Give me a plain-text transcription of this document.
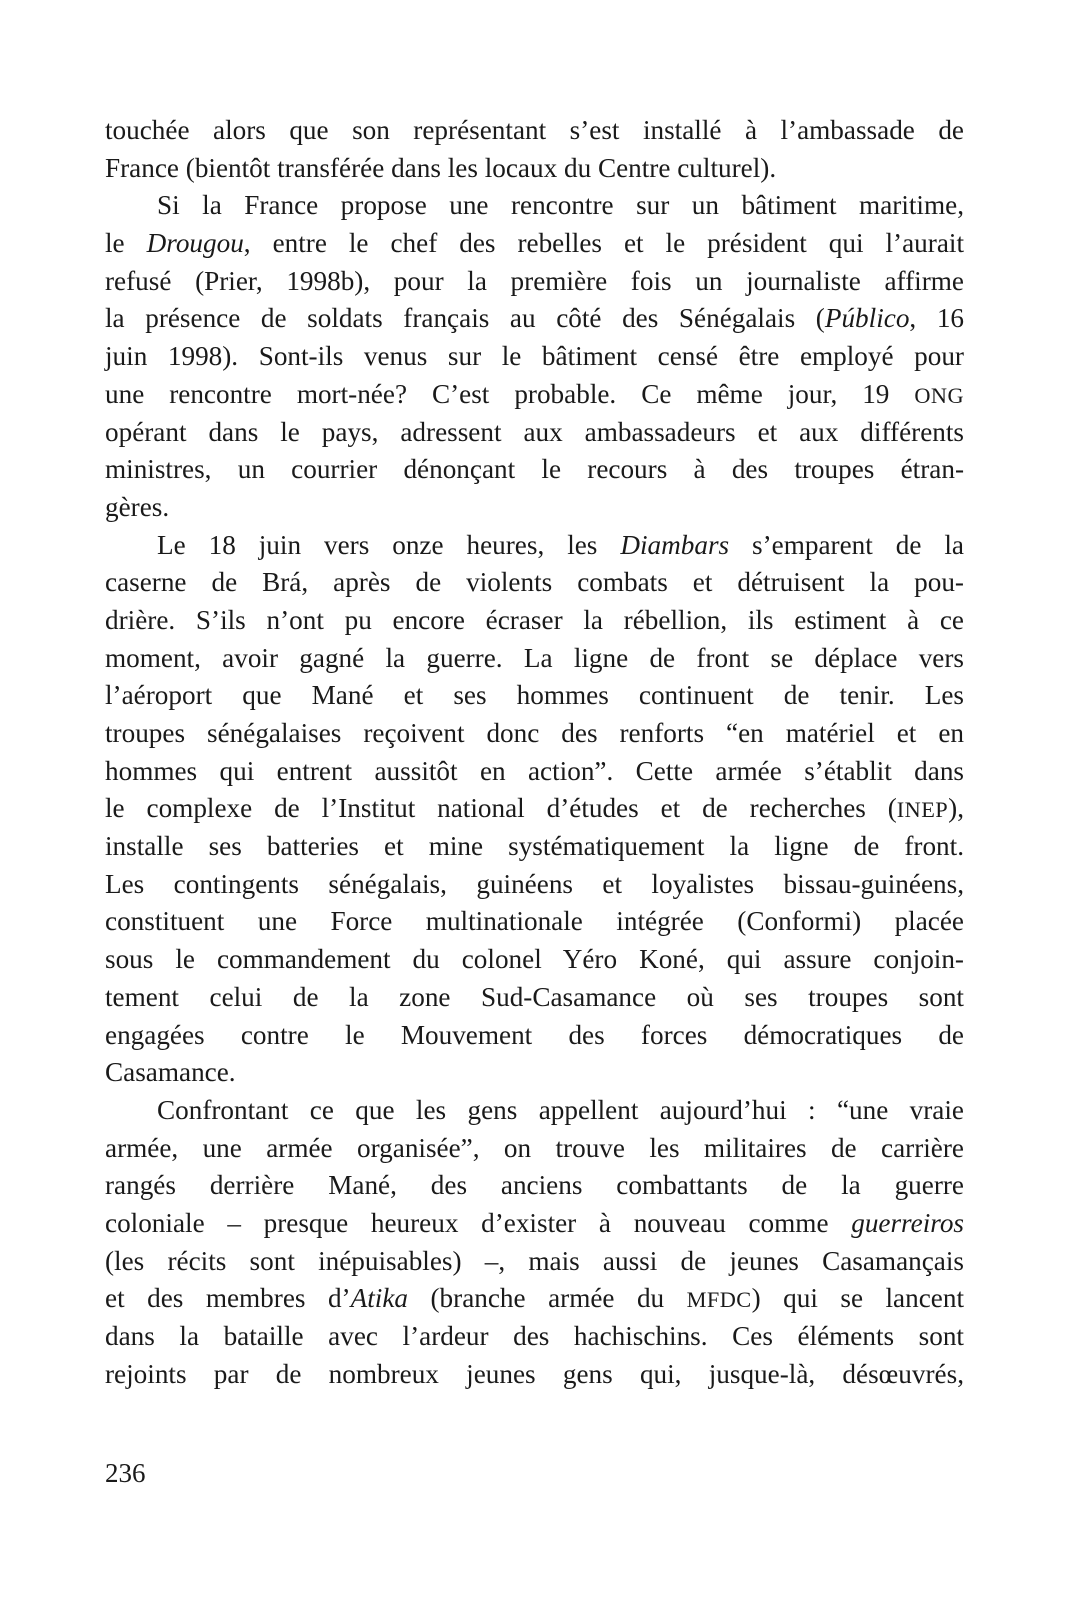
touchée alors que son représentant s’est installé à l’ambassade de
France (bientôt transférée dans les locaux du Centre culturel).
Si la France propose une rencontre sur un bâtiment maritime,
le Drougou, entre le chef des rebelles et le président qui l’aurait
refusé (Prier, 1998b), pour la première fois un journaliste affirme
la présence de soldats français au côté des Sénégalais (Público, 16
juin 1998). Sont-ils venus sur le bâtiment censé être employé pour
une rencontre mort-née? C’est probable. Ce même jour, 19 ONG
opérant dans le pays, adressent aux ambassadeurs et aux différents
ministres, un courrier dénonçant le recours à des troupes étran-
gères.
Le 18 juin vers onze heures, les Diambars s’emparent de la
caserne de Brá, après de violents combats et détruisent la pou-
drière. S’ils n’ont pu encore écraser la rébellion, ils estiment à ce
moment, avoir gagné la guerre. La ligne de front se déplace vers
l’aéroport que Mané et ses hommes continuent de tenir. Les
troupes sénégalaises reçoivent donc des renforts “en matériel et en
hommes qui entrent aussitôt en action”. Cette armée s’établit dans
le complexe de l’Institut national d’études et de recherches (INEP),
installe ses batteries et mine systématiquement la ligne de front.
Les contingents sénégalais, guinéens et loyalistes bissau-guinéens,
constituent une Force multinationale intégrée (Conformi) placée
sous le commandement du colonel Yéro Koné, qui assure conjoin-
tement celui de la zone Sud-Casamance où ses troupes sont
engagées contre le Mouvement des forces démocratiques de
Casamance.
Confrontant ce que les gens appellent aujourd’hui : “une vraie
armée, une armée organisée”, on trouve les militaires de carrière
rangés derrière Mané, des anciens combattants de la guerre
coloniale – presque heureux d’exister à nouveau comme guerreiros
(les récits sont inépuisables) –, mais aussi de jeunes Casamançais
et des membres d’Atika (branche armée du MFDC) qui se lancent
dans la bataille avec l’ardeur des hachischins. Ces éléments sont
rejoints par de nombreux jeunes gens qui, jusque-là, désœuvrés,
236
